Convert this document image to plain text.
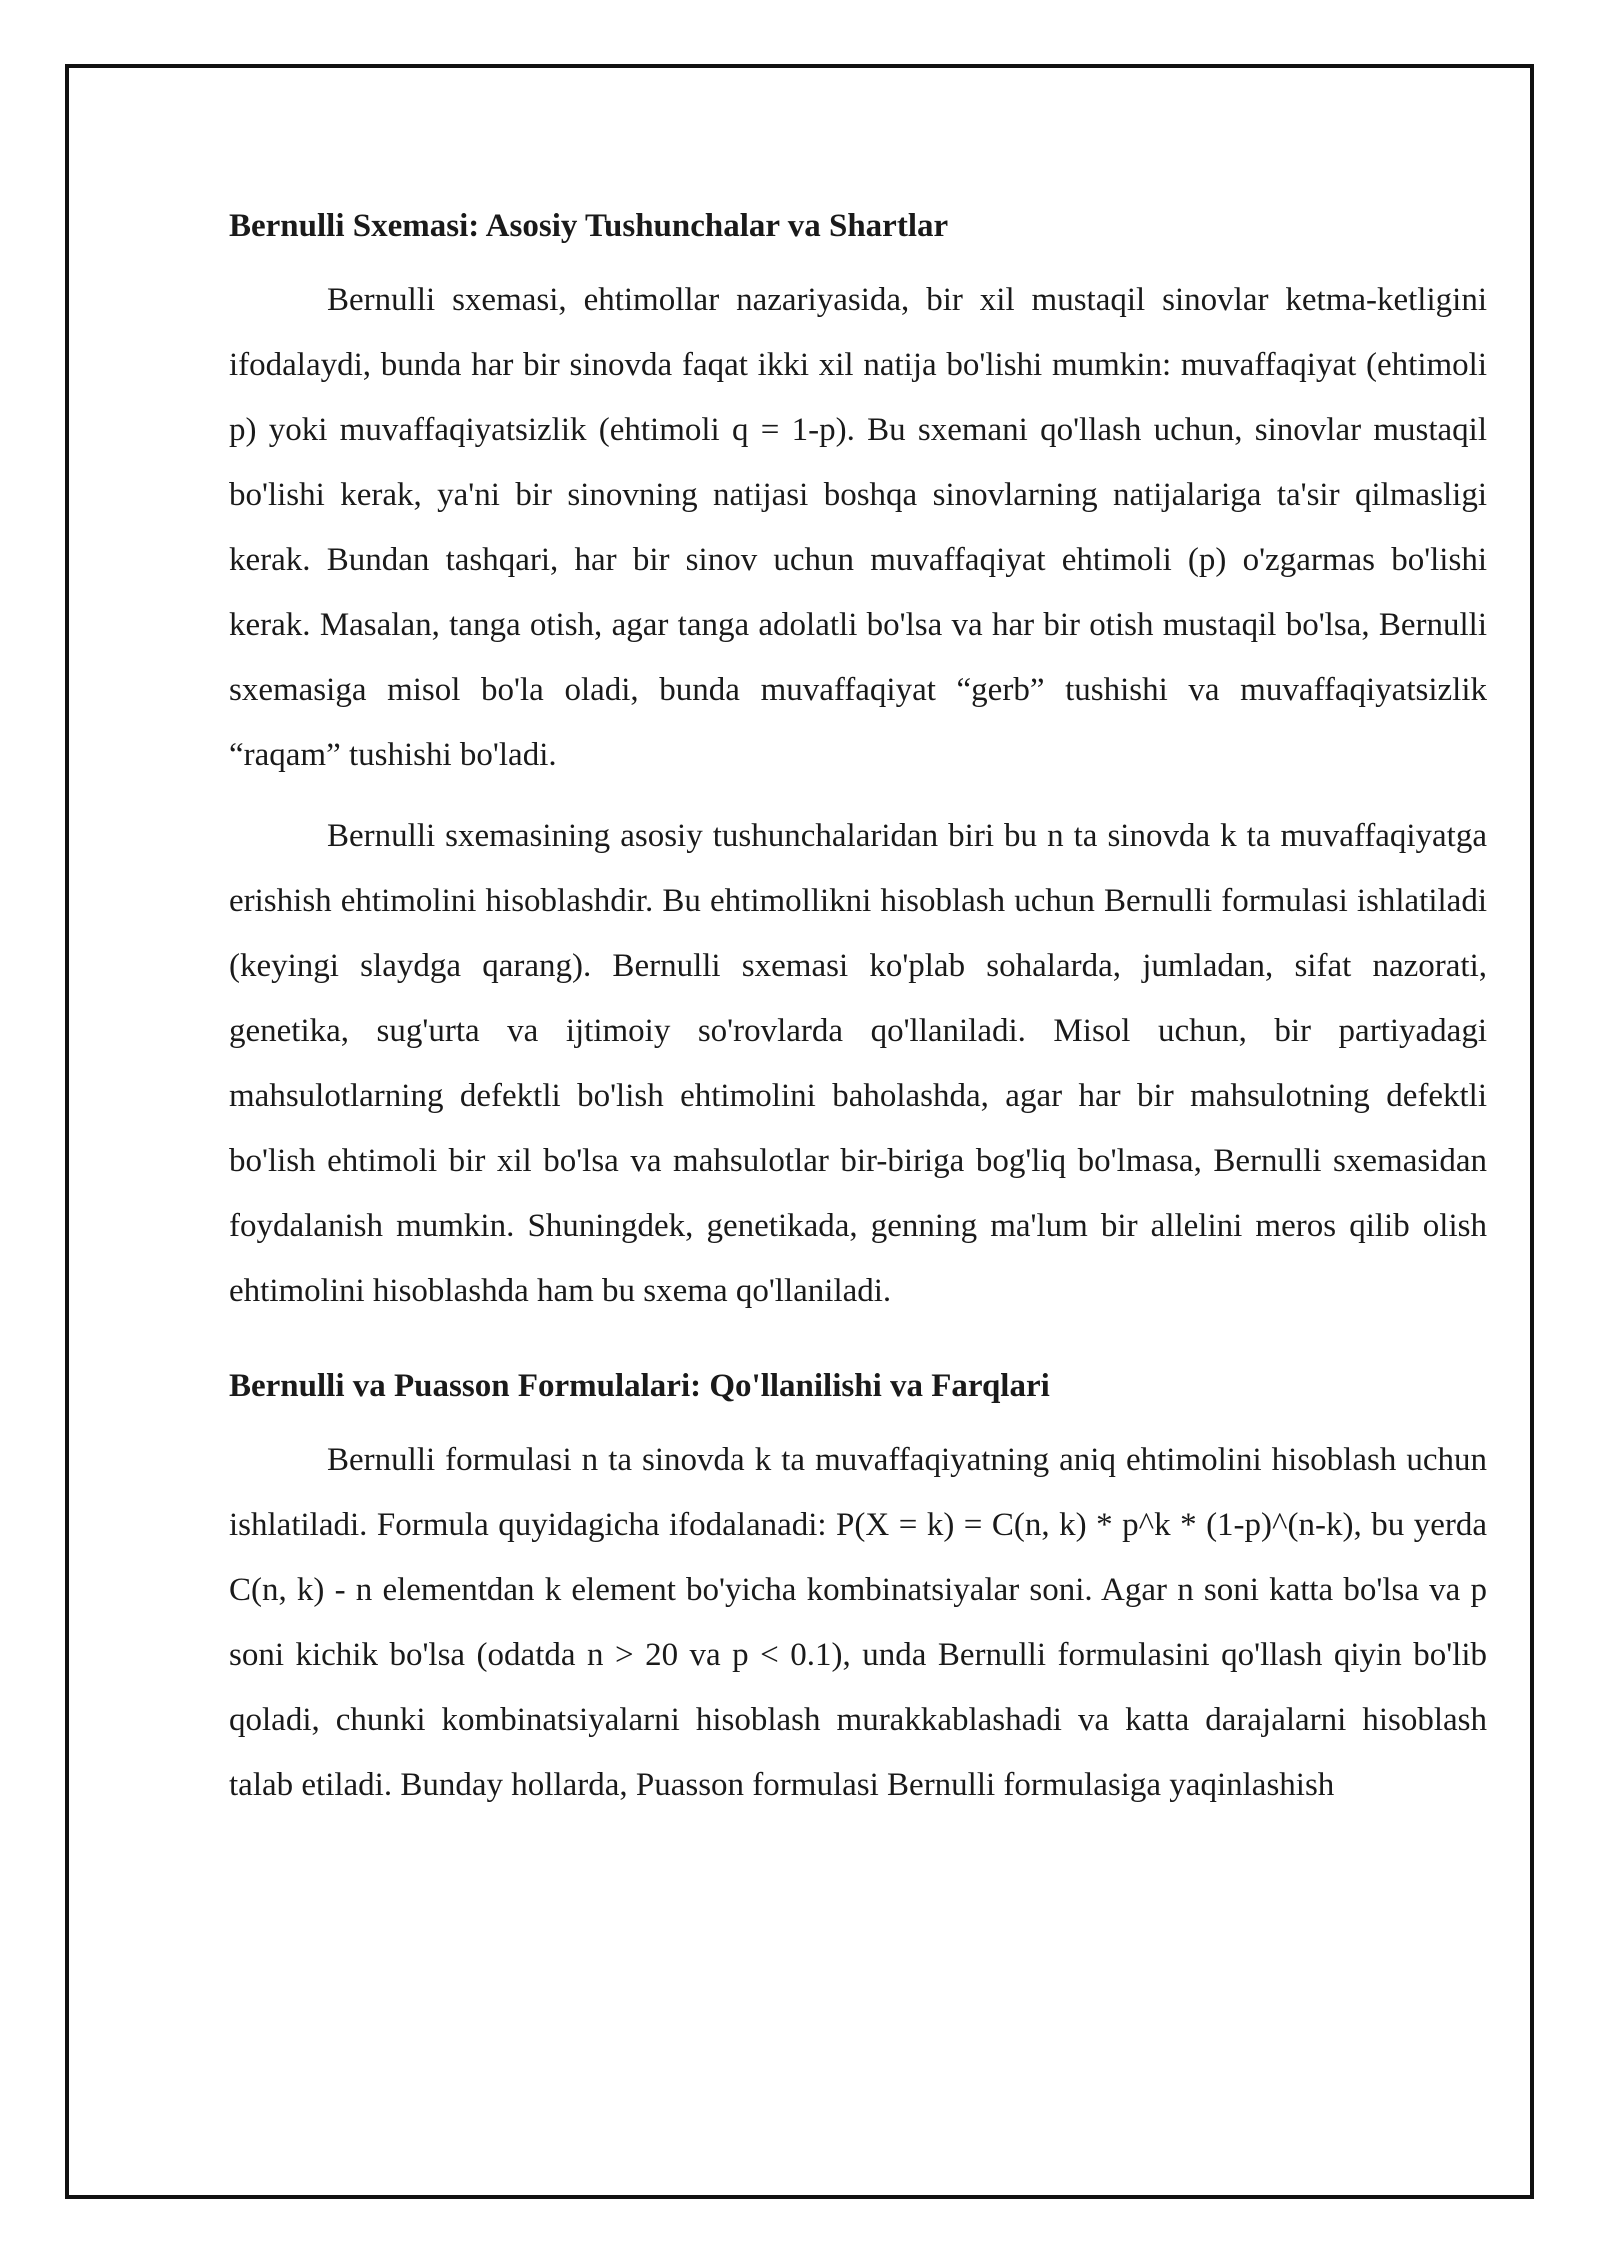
Bernulli Sxemasi: Asosiy Tushunchalar va Shartlar

Bernulli sxemasi, ehtimollar nazariyasida, bir xil mustaqil sinovlar ketma-ketligini ifodalaydi, bunda har bir sinovda faqat ikki xil natija bo'lishi mumkin: muvaffaqiyat (ehtimoli p) yoki muvaffaqiyatsizlik (ehtimoli q = 1-p). Bu sxemani qo'llash uchun, sinovlar mustaqil bo'lishi kerak, ya'ni bir sinovning natijasi boshqa sinovlarning natijalariga ta'sir qilmasligi kerak. Bundan tashqari, har bir sinov uchun muvaffaqiyat ehtimoli (p) o'zgarmas bo'lishi kerak. Masalan, tanga otish, agar tanga adolatli bo'lsa va har bir otish mustaqil bo'lsa, Bernulli sxemasiga misol bo'la oladi, bunda muvaffaqiyat “gerb” tushishi va muvaffaqiyatsizlik “raqam” tushishi bo'ladi.

Bernulli sxemasining asosiy tushunchalaridan biri bu n ta sinovda k ta muvaffaqiyatga erishish ehtimolini hisoblashdir. Bu ehtimollikni hisoblash uchun Bernulli formulasi ishlatiladi (keyingi slaydga qarang). Bernulli sxemasi ko'plab sohalarda, jumladan, sifat nazorati, genetika, sug'urta va ijtimoiy so'rovlarda qo'llaniladi. Misol uchun, bir partiyadagi mahsulotlarning defektli bo'lish ehtimolini baholashda, agar har bir mahsulotning defektli bo'lish ehtimoli bir xil bo'lsa va mahsulotlar bir-biriga bog'liq bo'lmasa, Bernulli sxemasidan foydalanish mumkin. Shuningdek, genetikada, genning ma'lum bir allelini meros qilib olish ehtimolini hisoblashda ham bu sxema qo'llaniladi.

Bernulli va Puasson Formulalari: Qo'llanilishi va Farqlari

Bernulli formulasi n ta sinovda k ta muvaffaqiyatning aniq ehtimolini hisoblash uchun ishlatiladi. Formula quyidagicha ifodalanadi: P(X = k) = C(n, k) * p^k * (1-p)^(n-k), bu yerda C(n, k) - n elementdan k element bo'yicha kombinatsiyalar soni. Agar n soni katta bo'lsa va p soni kichik bo'lsa (odatda n > 20 va p < 0.1), unda Bernulli formulasini qo'llash qiyin bo'lib qoladi, chunki kombinatsiyalarni hisoblash murakkablashadi va katta darajalarni hisoblash talab etiladi. Bunday hollarda, Puasson formulasi Bernulli formulasiga yaqinlashish
